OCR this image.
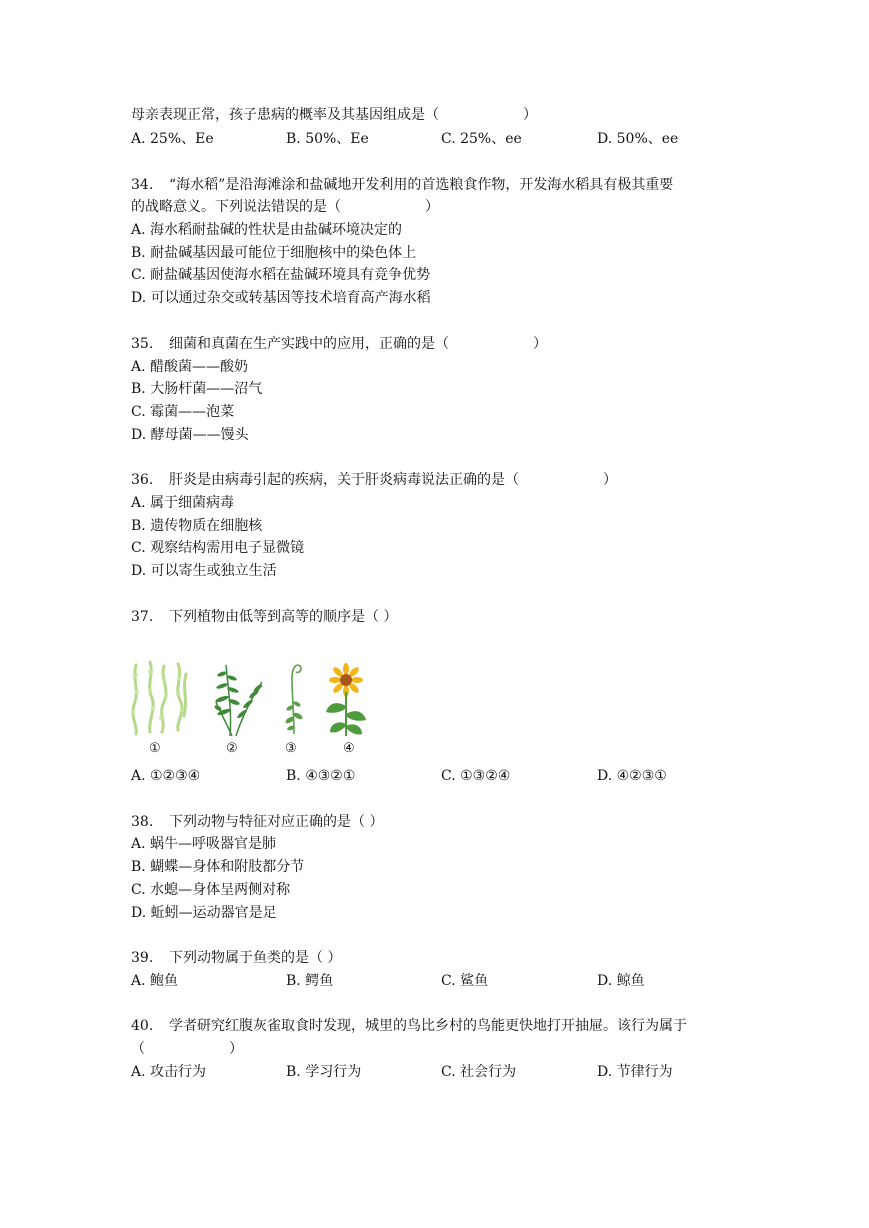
母亲表现正常，孩子患病的概率及其基因组成是（　　　　　　）
A. 25%、Ee	B. 50%、Ee	C. 25%、ee	D. 50%、ee
34. “海水稻”是沿海滩涂和盐碱地开发利用的首选粮食作物，开发海水稻具有极其重要
的战略意义。下列说法错误的是（　　　　　　）
A. 海水稻耐盐碱的性状是由盐碱环境决定的
B. 耐盐碱基因最可能位于细胞核中的染色体上
C. 耐盐碱基因使海水稻在盐碱环境具有竞争优势
D. 可以通过杂交或转基因等技术培育高产海水稻
35. 细菌和真菌在生产实践中的应用，正确的是（　　　　　　）
A. 醋酸菌——酸奶
B. 大肠杆菌——沼气
C. 霉菌——泡菜
D. 酵母菌——馒头
36. 肝炎是由病毒引起的疾病，关于肝炎病毒说法正确的是（　　　　　　）
A. 属于细菌病毒
B. 遗传物质在细胞核
C. 观察结构需用电子显微镜
D. 可以寄生或独立生活
37. 下列植物由低等到高等的顺序是（ ）
①	②	③	④
A. ①②③④	B. ④③②①	C. ①③②④	D. ④②③①
38. 下列动物与特征对应正确的是（ ）
A. 蜗牛—呼吸器官是肺
B. 蝴蝶—身体和附肢都分节
C. 水螅—身体呈两侧对称
D. 蚯蚓—运动器官是足
39. 下列动物属于鱼类的是（ ）
A. 鲍鱼	B. 鳄鱼	C. 鲨鱼	D. 鲸鱼
40. 学者研究红腹灰雀取食时发现，城里的鸟比乡村的鸟能更快地打开抽屉。该行为属于
（　　　　　　）
A. 攻击行为	B. 学习行为	C. 社会行为	D. 节律行为
